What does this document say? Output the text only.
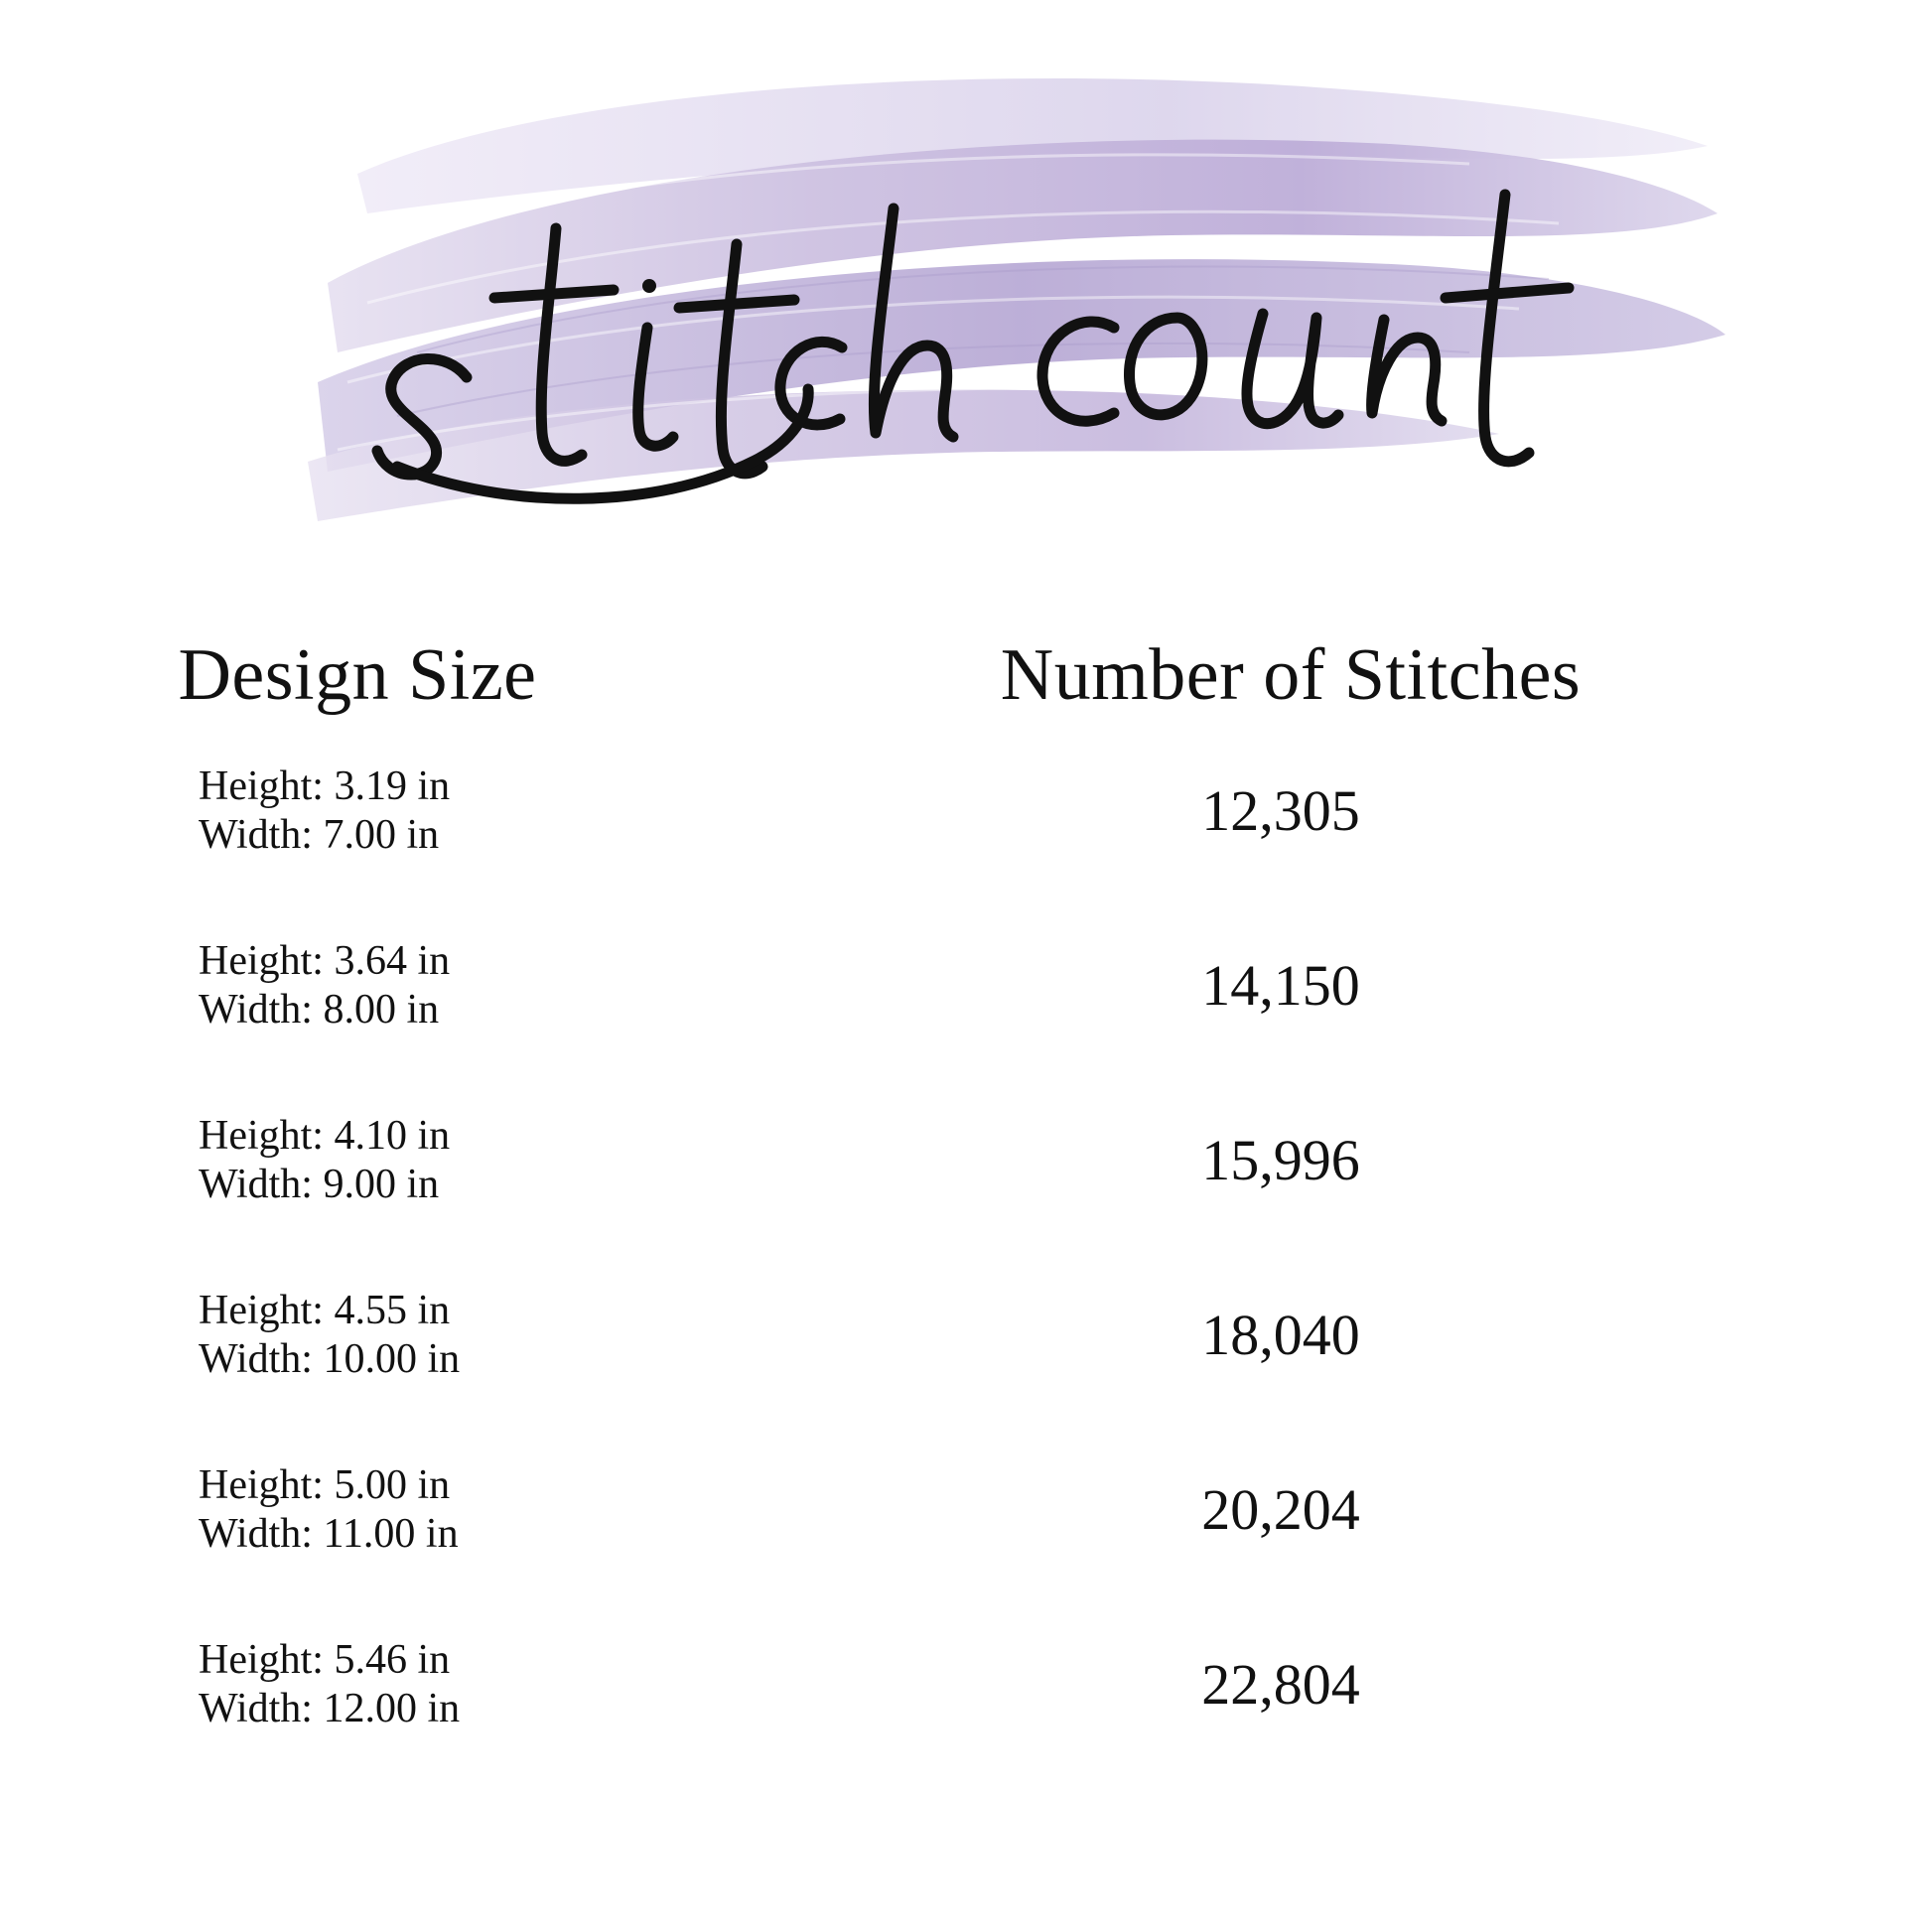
Design Size	Number of Stitches
Height: 3.19 in
Width: 7.00 in	12,305
Height: 3.64 in
Width: 8.00 in	14,150
Height: 4.10 in
Width: 9.00 in	15,996
Height: 4.55 in
Width: 10.00 in	18,040
Height: 5.00 in
Width: 11.00 in	20,204
Height: 5.46 in
Width: 12.00 in	22,804
